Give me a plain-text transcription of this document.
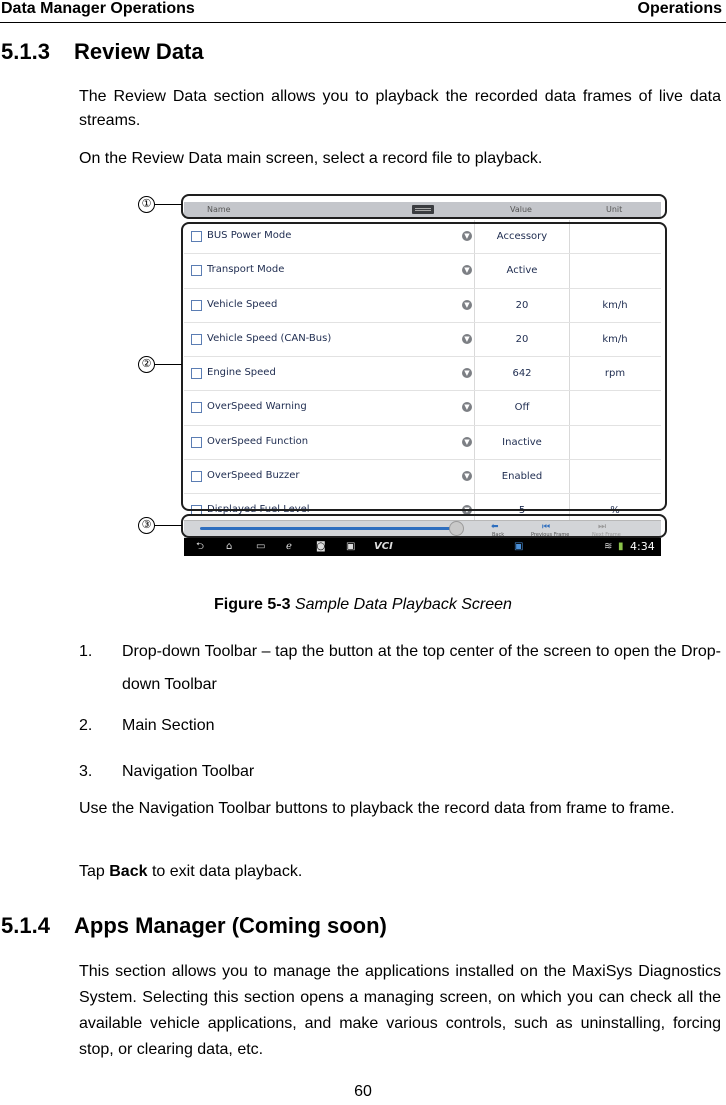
Data Manager Operations	Operations
5.1.3 Review Data
The Review Data section allows you to playback the recorded data frames of live data streams.
On the Review Data main screen, select a record file to playback.
Name	Value	Unit
BUS Power Mode	▼	Accessory
Transport Mode	▼	Active
Vehicle Speed	▼	20	km/h
Vehicle Speed (CAN-Bus)	▼	20	km/h
Engine Speed	▼	642	rpm
OverSpeed Warning	▼	Off
OverSpeed Function	▼	Inactive
OverSpeed Buzzer	▼	Enabled
Displayed Fuel Level	▼	5	%
⬅
Back
⏮
Previous Frame
⏭
Next Frame
⮌ ⌂ ▭ ℯ ◙ ▣ VCI	▣	≋ ▮ 4:34
①
②
③
Figure 5-3 Sample Data Playback Screen
1. Drop-down Toolbar – tap the button at the top center of the screen to open the Drop-down Toolbar
2. Main Section
3. Navigation Toolbar
Use the Navigation Toolbar buttons to playback the record data from frame to frame.
Tap Back to exit data playback.
5.1.4 Apps Manager (Coming soon)
This section allows you to manage the applications installed on the MaxiSys Diagnostics System. Selecting this section opens a managing screen, on which you can check all the available vehicle applications, and make various controls, such as uninstalling, forcing stop, or clearing data, etc.
60
